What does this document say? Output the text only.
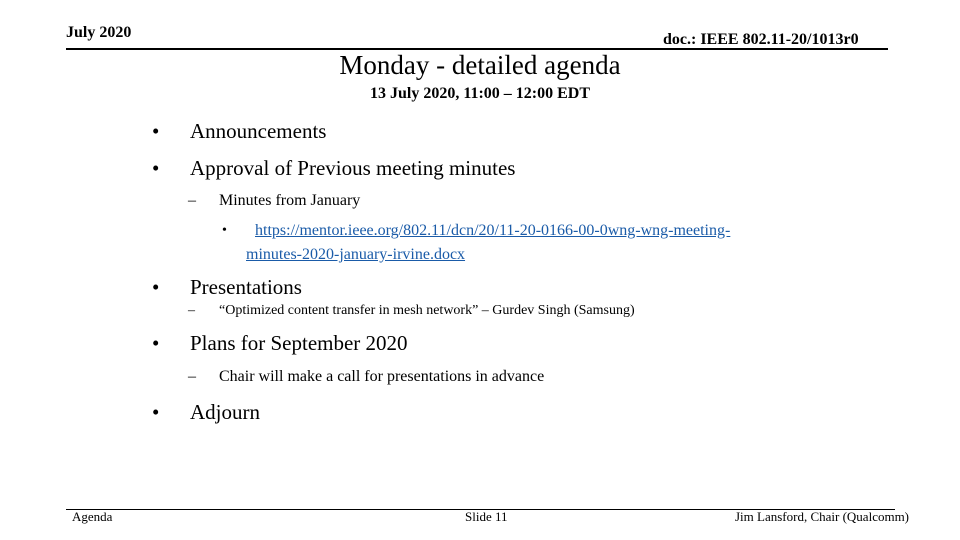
July 2020	doc.: IEEE 802.11-20/1013r0
Monday - detailed agenda
13 July 2020, 11:00 – 12:00 EDT
• Announcements
• Approval of Previous meeting minutes
– Minutes from January
• https://mentor.ieee.org/802.11/dcn/20/11-20-0166-00-0wng-wng-meeting-
minutes-2020-january-irvine.docx
• Presentations
– “Optimized content transfer in mesh network” – Gurdev Singh (Samsung)
• Plans for September 2020
– Chair will make a call for presentations in advance
• Adjourn
Agenda	Slide 11	Jim Lansford, Chair (Qualcomm)
